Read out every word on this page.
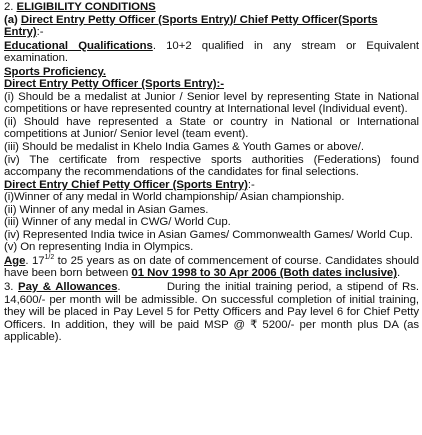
2. ELIGIBILITY CONDITIONS

(a) Direct Entry Petty Officer (Sports Entry)/ Chief Petty Officer(Sports Entry):-

Educational Qualifications. 10+2 qualified in any stream or Equivalent examination.

Sports Proficiency.

Direct Entry Petty Officer (Sports Entry):-

(i) Should be a medalist at Junior / Senior level by representing State in National competitions or have represented country at International level (Individual event).

(ii) Should have represented a State or country in National or International competitions at Junior/ Senior level (team event).

(iii) Should be medalist in Khelo India Games & Youth Games or above/.

(iv) The certificate from respective sports authorities (Federations) found accompany the recommendations of the candidates for final selections.

Direct Entry Chief Petty Officer (Sports Entry):-

(i)Winner of any medal in World championship/ Asian championship.

(ii) Winner of any medal in Asian Games.

(iii) Winner of any medal in CWG/ World Cup.

(iv) Represented India twice in Asian Games/ Commonwealth Games/ World Cup.

(v) On representing India in Olympics.

Age. $17^{1/2}$ to 25 years as on date of commencement of course. Candidates should have been born between 01 Nov 1998 to 30 Apr 2006 (Both dates inclusive).

3. Pay & Allowances.          During the initial training period, a stipend of Rs. 14,600/- per month will be admissible. On successful completion of initial training, they will be placed in Pay Level 5 for Petty Officers and Pay level 6 for Chief Petty Officers. In addition, they will be paid MSP @ ₹ 5200/- per month plus DA (as applicable).
